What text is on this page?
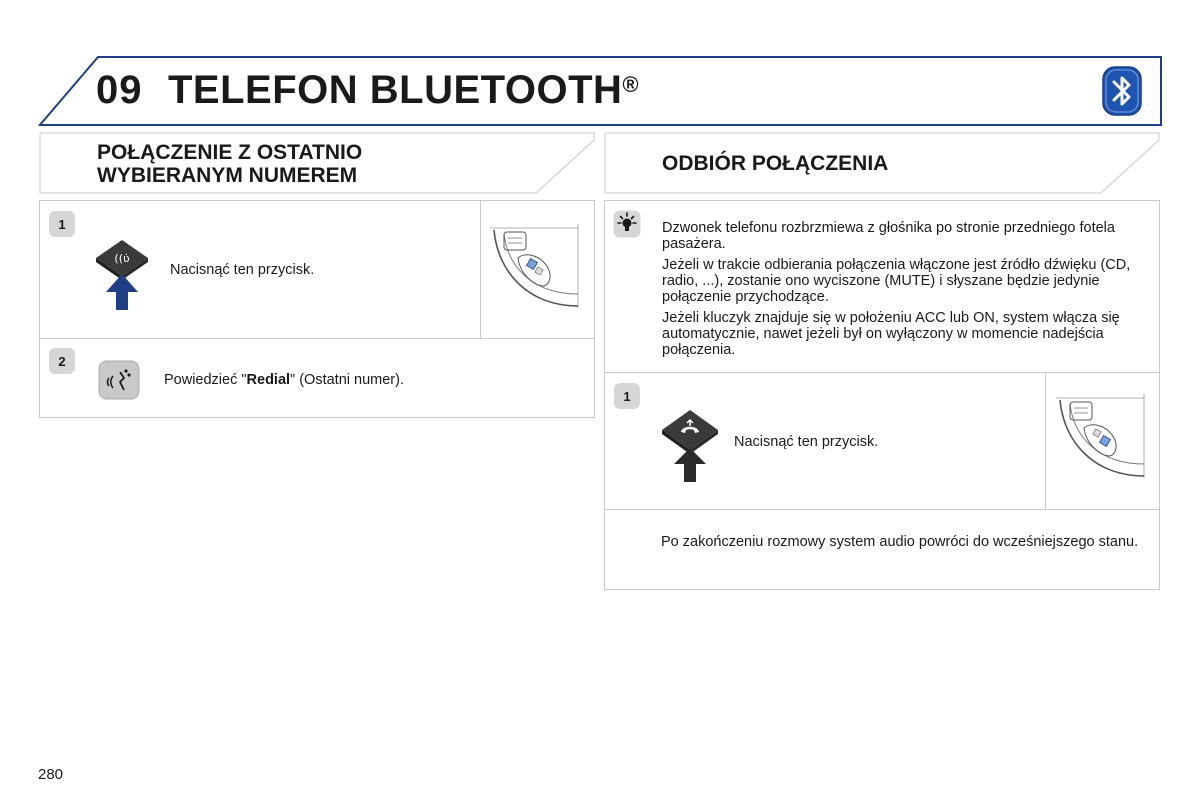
09 TELEFON BLUETOOTH®
POŁĄCZENIE Z OSTATNIO
WYBIERANYM NUMEREM
1
((ʋ̇
Nacisnąć ten przycisk.
2
Powiedzieć "Redial" (Ostatni numer).
ODBIÓR POŁĄCZENIA

Dzwonek telefonu rozbrzmiewa z głośnika po stronie przedniego fotela pasażera.

Jeżeli w trakcie odbierania połączenia włączone jest źródło dźwięku (CD, radio, ...), zostanie ono wyciszone (MUTE) i słyszane będzie jedynie połączenie przychodzące.

Jeżeli kluczyk znajduje się w położeniu ACC lub ON, system włącza się automatycznie, nawet jeżeli był on wyłączony w momencie nadejścia połączenia.

1
Nacisnąć ten przycisk.
Po zakończeniu rozmowy system audio powróci do wcześniejszego stanu.
280
